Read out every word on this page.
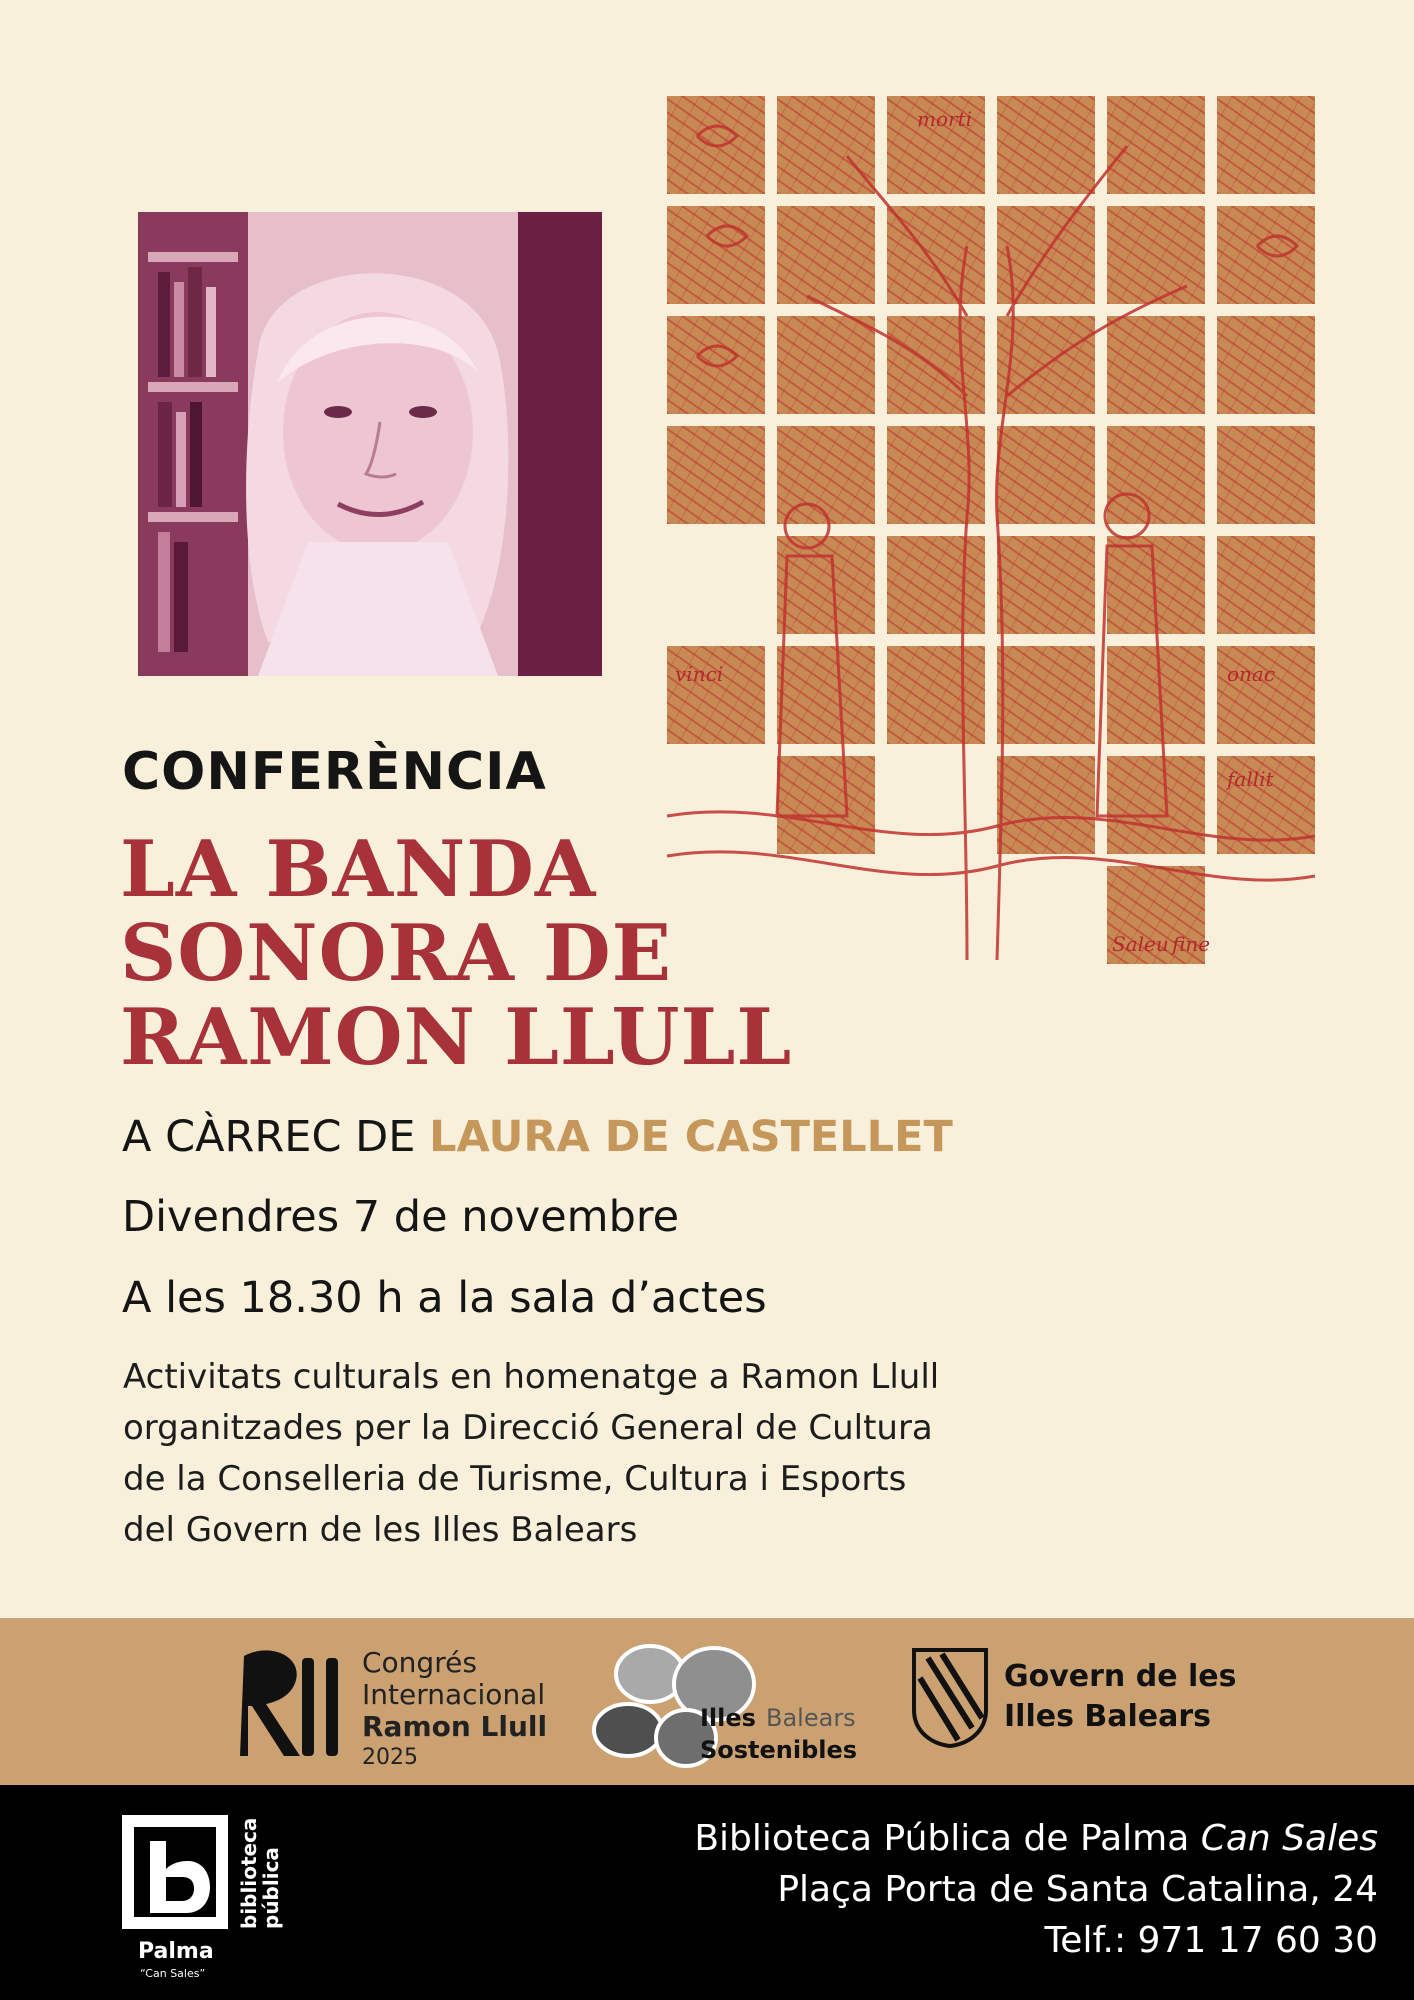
onac
morti
fallit
vinci
Saleu fine
CONFERÈNCIA
LA BANDA
SONORA DE
RAMON LLULL
A CÀRREC DE LAURA DE CASTELLET
Divendres 7 de novembre
A les 18.30 h a la sala d’actes
Activitats culturals en homenatge a Ramon Llull
organitzades per la Direcció General de Cultura
de la Conselleria de Turisme, Cultura i Esports
del Govern de les Illes Balears
Congrés
Internacional
Ramon Llull
2025
Illes Balears
Sostenibles
Govern de les
Illes Balears
biblioteca
pública
Palma
“Can Sales”
Biblioteca Pública de Palma Can Sales
Plaça Porta de Santa Catalina, 24
Telf.: 971 17 60 30
